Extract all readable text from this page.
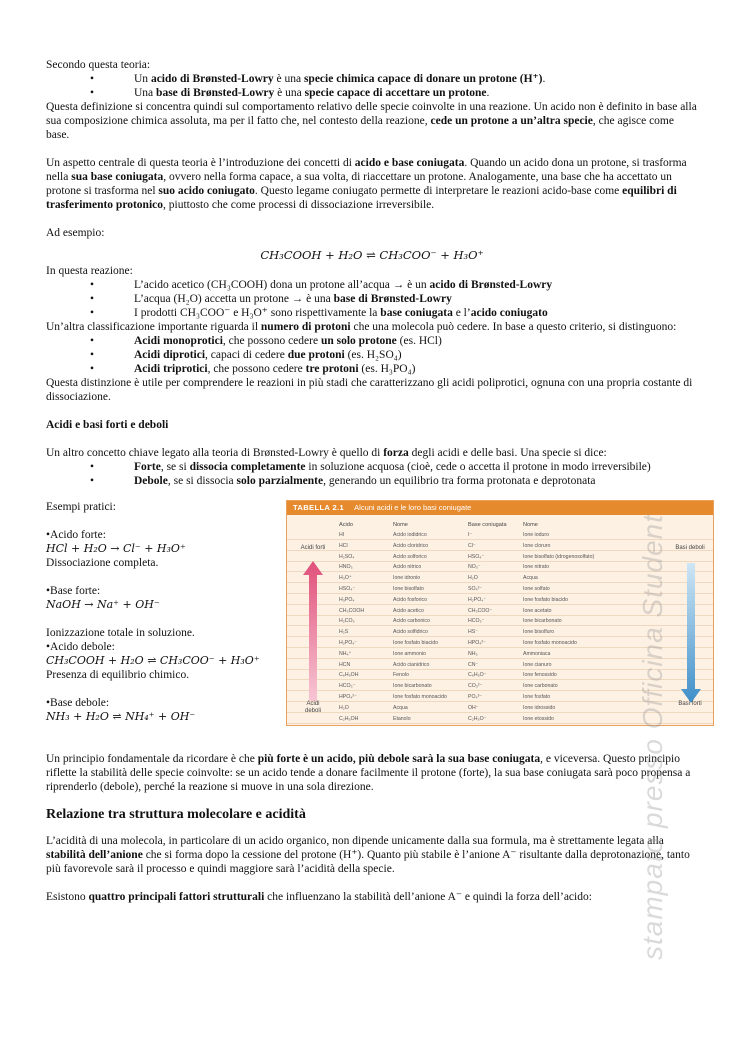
Secondo questa teoria:

• Un acido di Brønsted-Lowry è una specie chimica capace di donare un protone (H⁺).
• Una base di Brønsted-Lowry è una specie capace di accettare un protone.

Questa definizione si concentra quindi sul comportamento relativo delle specie coinvolte in una reazione. Un acido non è definito in base alla sua composizione chimica assoluta, ma per il fatto che, nel contesto della reazione, cede un protone a un’altra specie, che agisce come base.

Un aspetto centrale di questa teoria è l’introduzione dei concetti di acido e base coniugata. Quando un acido dona un protone, si trasforma nella sua base coniugata, ovvero nella forma capace, a sua volta, di riaccettare un protone. Analogamente, una base che ha accettato un protone si trasforma nel suo acido coniugato. Questo legame coniugato permette di interpretare le reazioni acido-base come equilibri di trasferimento protonico, piuttosto che come processi di dissociazione irreversibile.

Ad esempio:

CH₃COOH + H₂O ⇌ CH₃COO⁻ + H₃O⁺

In questa reazione:

• L’acido acetico (CH₃COOH) dona un protone all’acqua → è un acido di Brønsted-Lowry
• L’acqua (H₂O) accetta un protone → è una base di Brønsted-Lowry
• I prodotti CH₃COO⁻ e H₃O⁺ sono rispettivamente la base coniugata e l’acido coniugato

Un’altra classificazione importante riguarda il numero di protoni che una molecola può cedere. In base a questo criterio, si distinguono:

• Acidi monoprotici, che possono cedere un solo protone (es. HCl)
• Acidi diprotici, capaci di cedere due protoni (es. H₂SO₄)
• Acidi triprotici, che possono cedere tre protoni (es. H₃PO₄)

Questa distinzione è utile per comprendere le reazioni in più stadi che caratterizzano gli acidi poliprotici, ognuna con una propria costante di dissociazione.

Acidi e basi forti e deboli

Un altro concetto chiave legato alla teoria di Brønsted-Lowry è quello di forza degli acidi e delle basi. Una specie si dice:

• Forte, se si dissocia completamente in soluzione acquosa (cioè, cede o accetta il protone in modo irreversibile)
• Debole, se si dissocia solo parzialmente, generando un equilibrio tra forma protonata e deprotonata

Esempi pratici:

•Acido forte:

HCl + H₂O → Cl⁻ + H₃O⁺

Dissociazione completa.

•Base forte:

NaOH → Na⁺ + OH⁻

Ionizzazione totale in soluzione.

•Acido debole:

CH₃COOH + H₂O ⇌ CH₃COO⁻ + H₃O⁺

Presenza di equilibrio chimico.

•Base debole:

NH₃ + H₂O ⇌ NH₄⁺ + OH⁻
TABELLA 2.1 Alcuni acidi e le loro basi coniugate
Acido	Nome	Base coniugata	Nome
HI	Acido iodidrico	I⁻	Ione ioduro
HCl	Acido cloridrico	Cl⁻	Ione cloruro
H₂SO₄	Acido solforico	HSO₄⁻	Ione bisolfato (idrogenosolfato)
HNO₃	Acido nitrico	NO₃⁻	Ione nitrato
H₃O⁺	Ione idronio	H₂O	Acqua
HSO₄⁻	Ione bisolfato	SO₄²⁻	Ione solfato
H₃PO₄	Acido fosforico	H₂PO₄⁻	Ione fosfato biacido
CH₃COOH	Acido acetico	CH₃COO⁻	Ione acetato
H₂CO₃	Acido carbonico	HCO₃⁻	Ione bicarbonato
H₂S	Acido solfidrico	HS⁻	Ione bisolfuro
H₂PO₄⁻	Ione fosfato biacido	HPO₄²⁻	Ione fosfato monoacido
NH₄⁺	Ione ammonio	NH₃	Ammoniaca
HCN	Acido cianidrico	CN⁻	Ione cianuro
C₆H₅OH	Fenolo	C₆H₅O⁻	Ione fenossido
HCO₃⁻	Ione bicarbonato	CO₃²⁻	Ione carbonato
HPO₄²⁻	Ione fosfato monoacido	PO₄³⁻	Ione fosfato
H₂O	Acqua	OH⁻	Ione idrossido
C₂H₅OH	Etanolo	C₂H₅O⁻	Ione etossido
Acidi forti
Acidi deboli
Basi deboli
Basi forti

Un principio fondamentale da ricordare è che più forte è un acido, più debole sarà la sua base coniugata, e viceversa. Questo principio riflette la stabilità delle specie coinvolte: se un acido tende a donare facilmente il protone (forte), la sua base coniugata sarà poco propensa a riprenderlo (debole), perché la reazione si muove in una sola direzione.

Relazione tra struttura molecolare e acidità

L’acidità di una molecola, in particolare di un acido organico, non dipende unicamente dalla sua formula, ma è strettamente legata alla stabilità dell’anione che si forma dopo la cessione del protone (H⁺). Quanto più stabile è l’anione A⁻ risultante dalla deprotonazione, tanto più favorevole sarà il processo e quindi maggiore sarà l’acidità della specie.

Esistono quattro principali fattori strutturali che influenzano la stabilità dell’anione A⁻ e quindi la forza dell’acido:	stampato presso Officina Student
